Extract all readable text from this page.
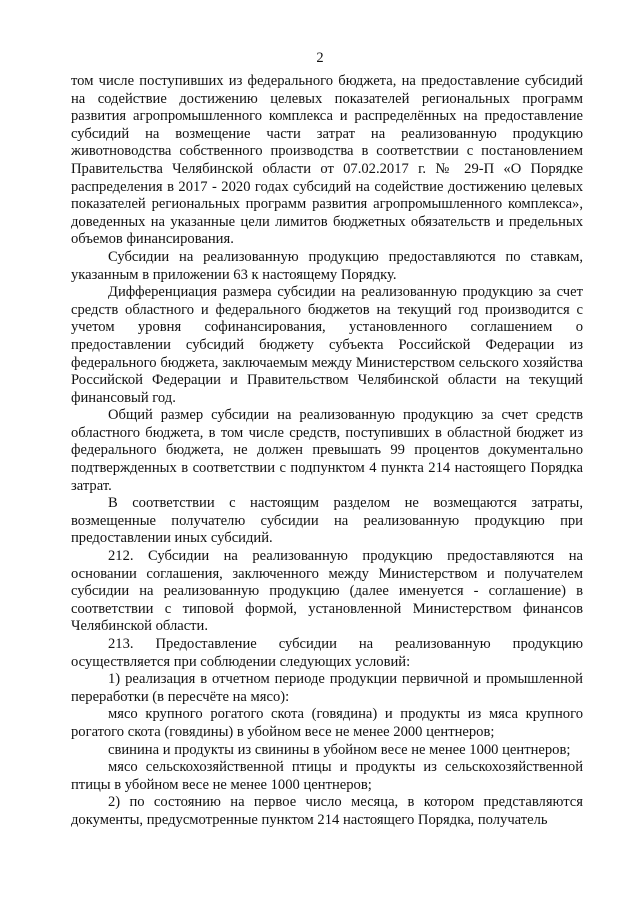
2

том числе поступивших из федерального бюджета, на предоставление субсидий на содействие достижению целевых показателей региональных программ развития агропромышленного комплекса и распределённых на предоставление субсидий на возмещение части затрат на реализованную продукцию животноводства собственного производства в соответствии с постановлением Правительства Челябинской области от 07.02.2017 г. № 29-П «О Порядке распределения в 2017 - 2020 годах субсидий на содействие достижению целевых показателей региональных программ развития агропромышленного комплекса», доведенных на указанные цели лимитов бюджетных обязательств и предельных объемов финансирования.

Субсидии на реализованную продукцию предоставляются по ставкам, указанным в приложении 63 к настоящему Порядку.

Дифференциация размера субсидии на реализованную продукцию за счет средств областного и федерального бюджетов на текущий год производится с учетом уровня софинансирования, установленного соглашением о предоставлении субсидий бюджету субъекта Российской Федерации из федерального бюджета, заключаемым между Министерством сельского хозяйства Российской Федерации и Правительством Челябинской области на текущий финансовый год.

Общий размер субсидии на реализованную продукцию за счет средств областного бюджета, в том числе средств, поступивших в областной бюджет из федерального бюджета, не должен превышать 99 процентов документально подтвержденных в соответствии с подпунктом 4 пункта 214 настоящего Порядка затрат.

В соответствии с настоящим разделом не возмещаются затраты, возмещенные получателю субсидии на реализованную продукцию при предоставлении иных субсидий.

212. Субсидии на реализованную продукцию предоставляются на основании соглашения, заключенного между Министерством и получателем субсидии на реализованную продукцию (далее именуется - соглашение) в соответствии с типовой формой, установленной Министерством финансов Челябинской области.

213. Предоставление субсидии на реализованную продукцию осуществляется при соблюдении следующих условий:

1) реализация в отчетном периоде продукции первичной и промышленной переработки (в пересчёте на мясо):

мясо крупного рогатого скота (говядина) и продукты из мяса крупного рогатого скота (говядины) в убойном весе не менее 2000 центнеров;

свинина и продукты из свинины в убойном весе не менее 1000 центнеров;

мясо сельскохозяйственной птицы и продукты из сельскохозяйственной птицы в убойном весе не менее 1000 центнеров;

2) по состоянию на первое число месяца, в котором представляются документы, предусмотренные пунктом 214 настоящего Порядка, получатель
